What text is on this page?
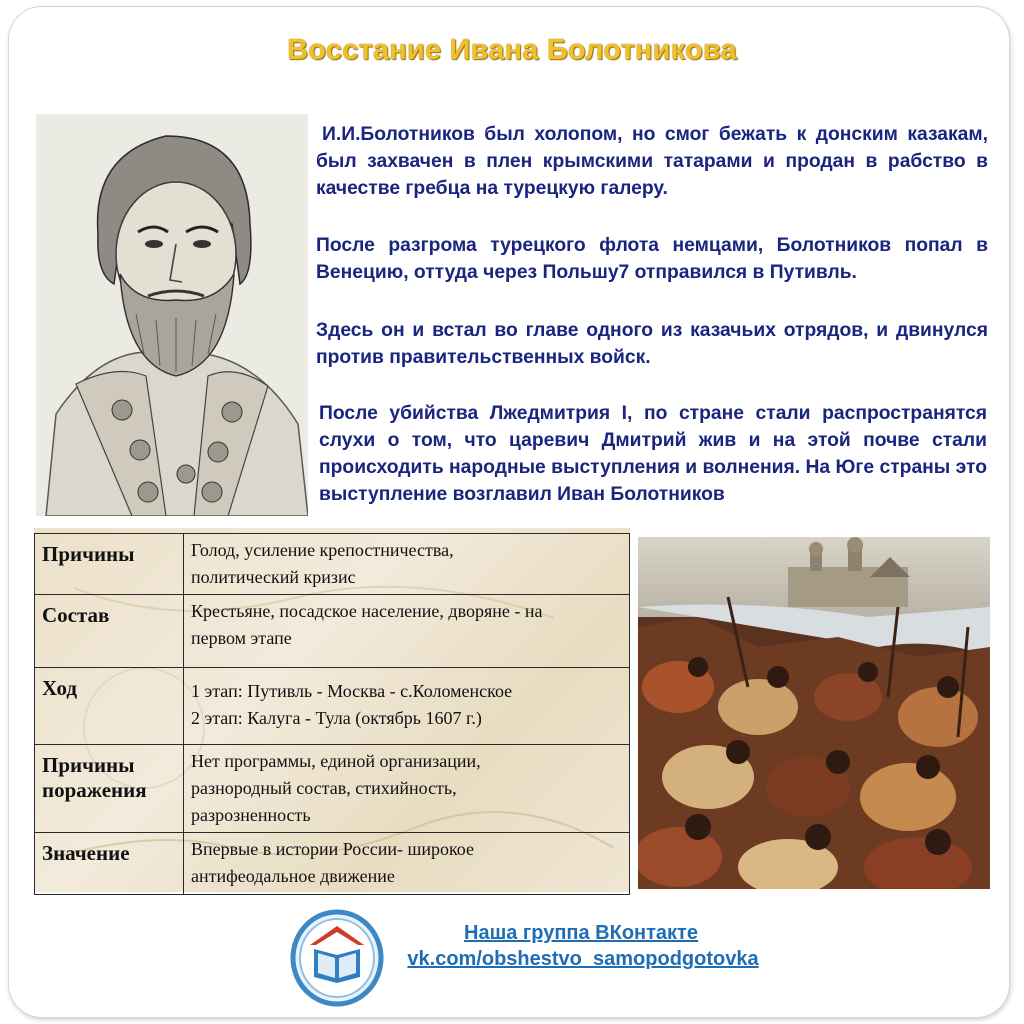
Восстание Ивана Болотникова

И.И.Болотников был холопом, но смог бежать к донским казакам, был захвачен в плен крымскими татарами и продан в рабство в качестве гребца на турецкую галеру.

После разгрома турецкого флота немцами, Болотников попал в Венецию, оттуда через Польшу7 отправился в Путивль.

Здесь он и встал во главе одного из казачьих отрядов, и двинулся против правительственных войск.

После убийства Лжедмитрия I, по стране стали распространятся слухи о том, что царевич Дмитрий жив и на этой почве стали происходить народные выступления и волнения. На Юге страны это выступление возглавил Иван Болотников

Причины	Голод, усиление крепостничества,
политический кризис

Состав	Крестьяне, посадское население, дворяне - на
первом этапе

Ход	1 этап: Путивль - Москва - с.Коломенское
2 этап: Калуга - Тула (октябрь 1607 г.)

Причины поражения	Нет программы, единой организации,
разнородный состав, стихийность,
разрозненность

Значение	Впервые в истории России- широкое
антифеодальное движение
Наша группа ВКонтакте
vk.com/obshestvo_samopodgotovka
